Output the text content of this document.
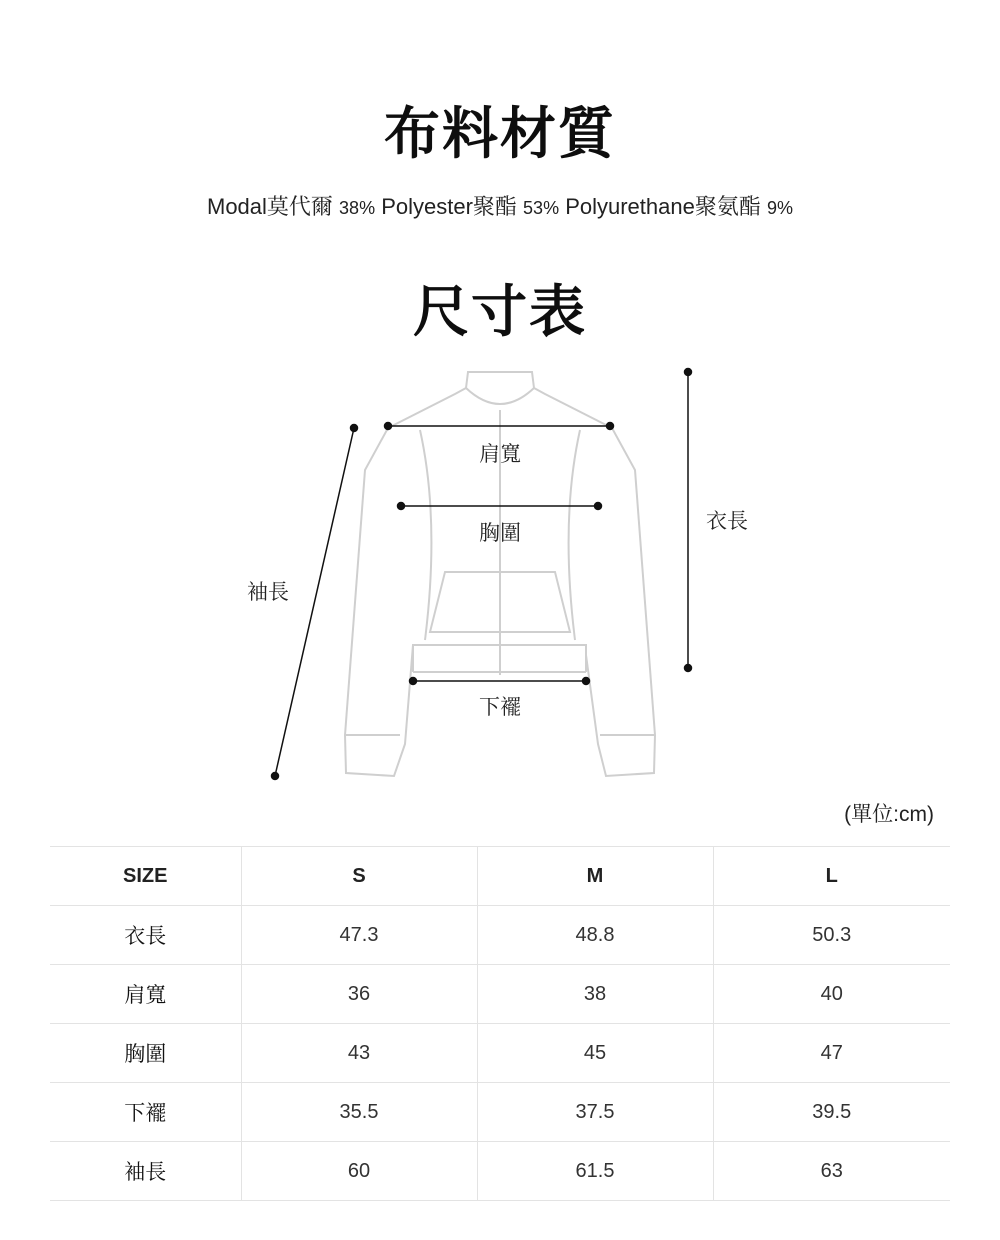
布料材質
Modal莫代爾 38% Polyester聚酯 53% Polyurethane聚氨酯 9%
尺寸表
肩寬
胸圍
下襬
衣長
袖長
(單位:cm)
SIZE	S	M	L
衣長	47.3	48.8	50.3
肩寬	36	38	40
胸圍	43	45	47
下襬	35.5	37.5	39.5
袖長	60	61.5	63
